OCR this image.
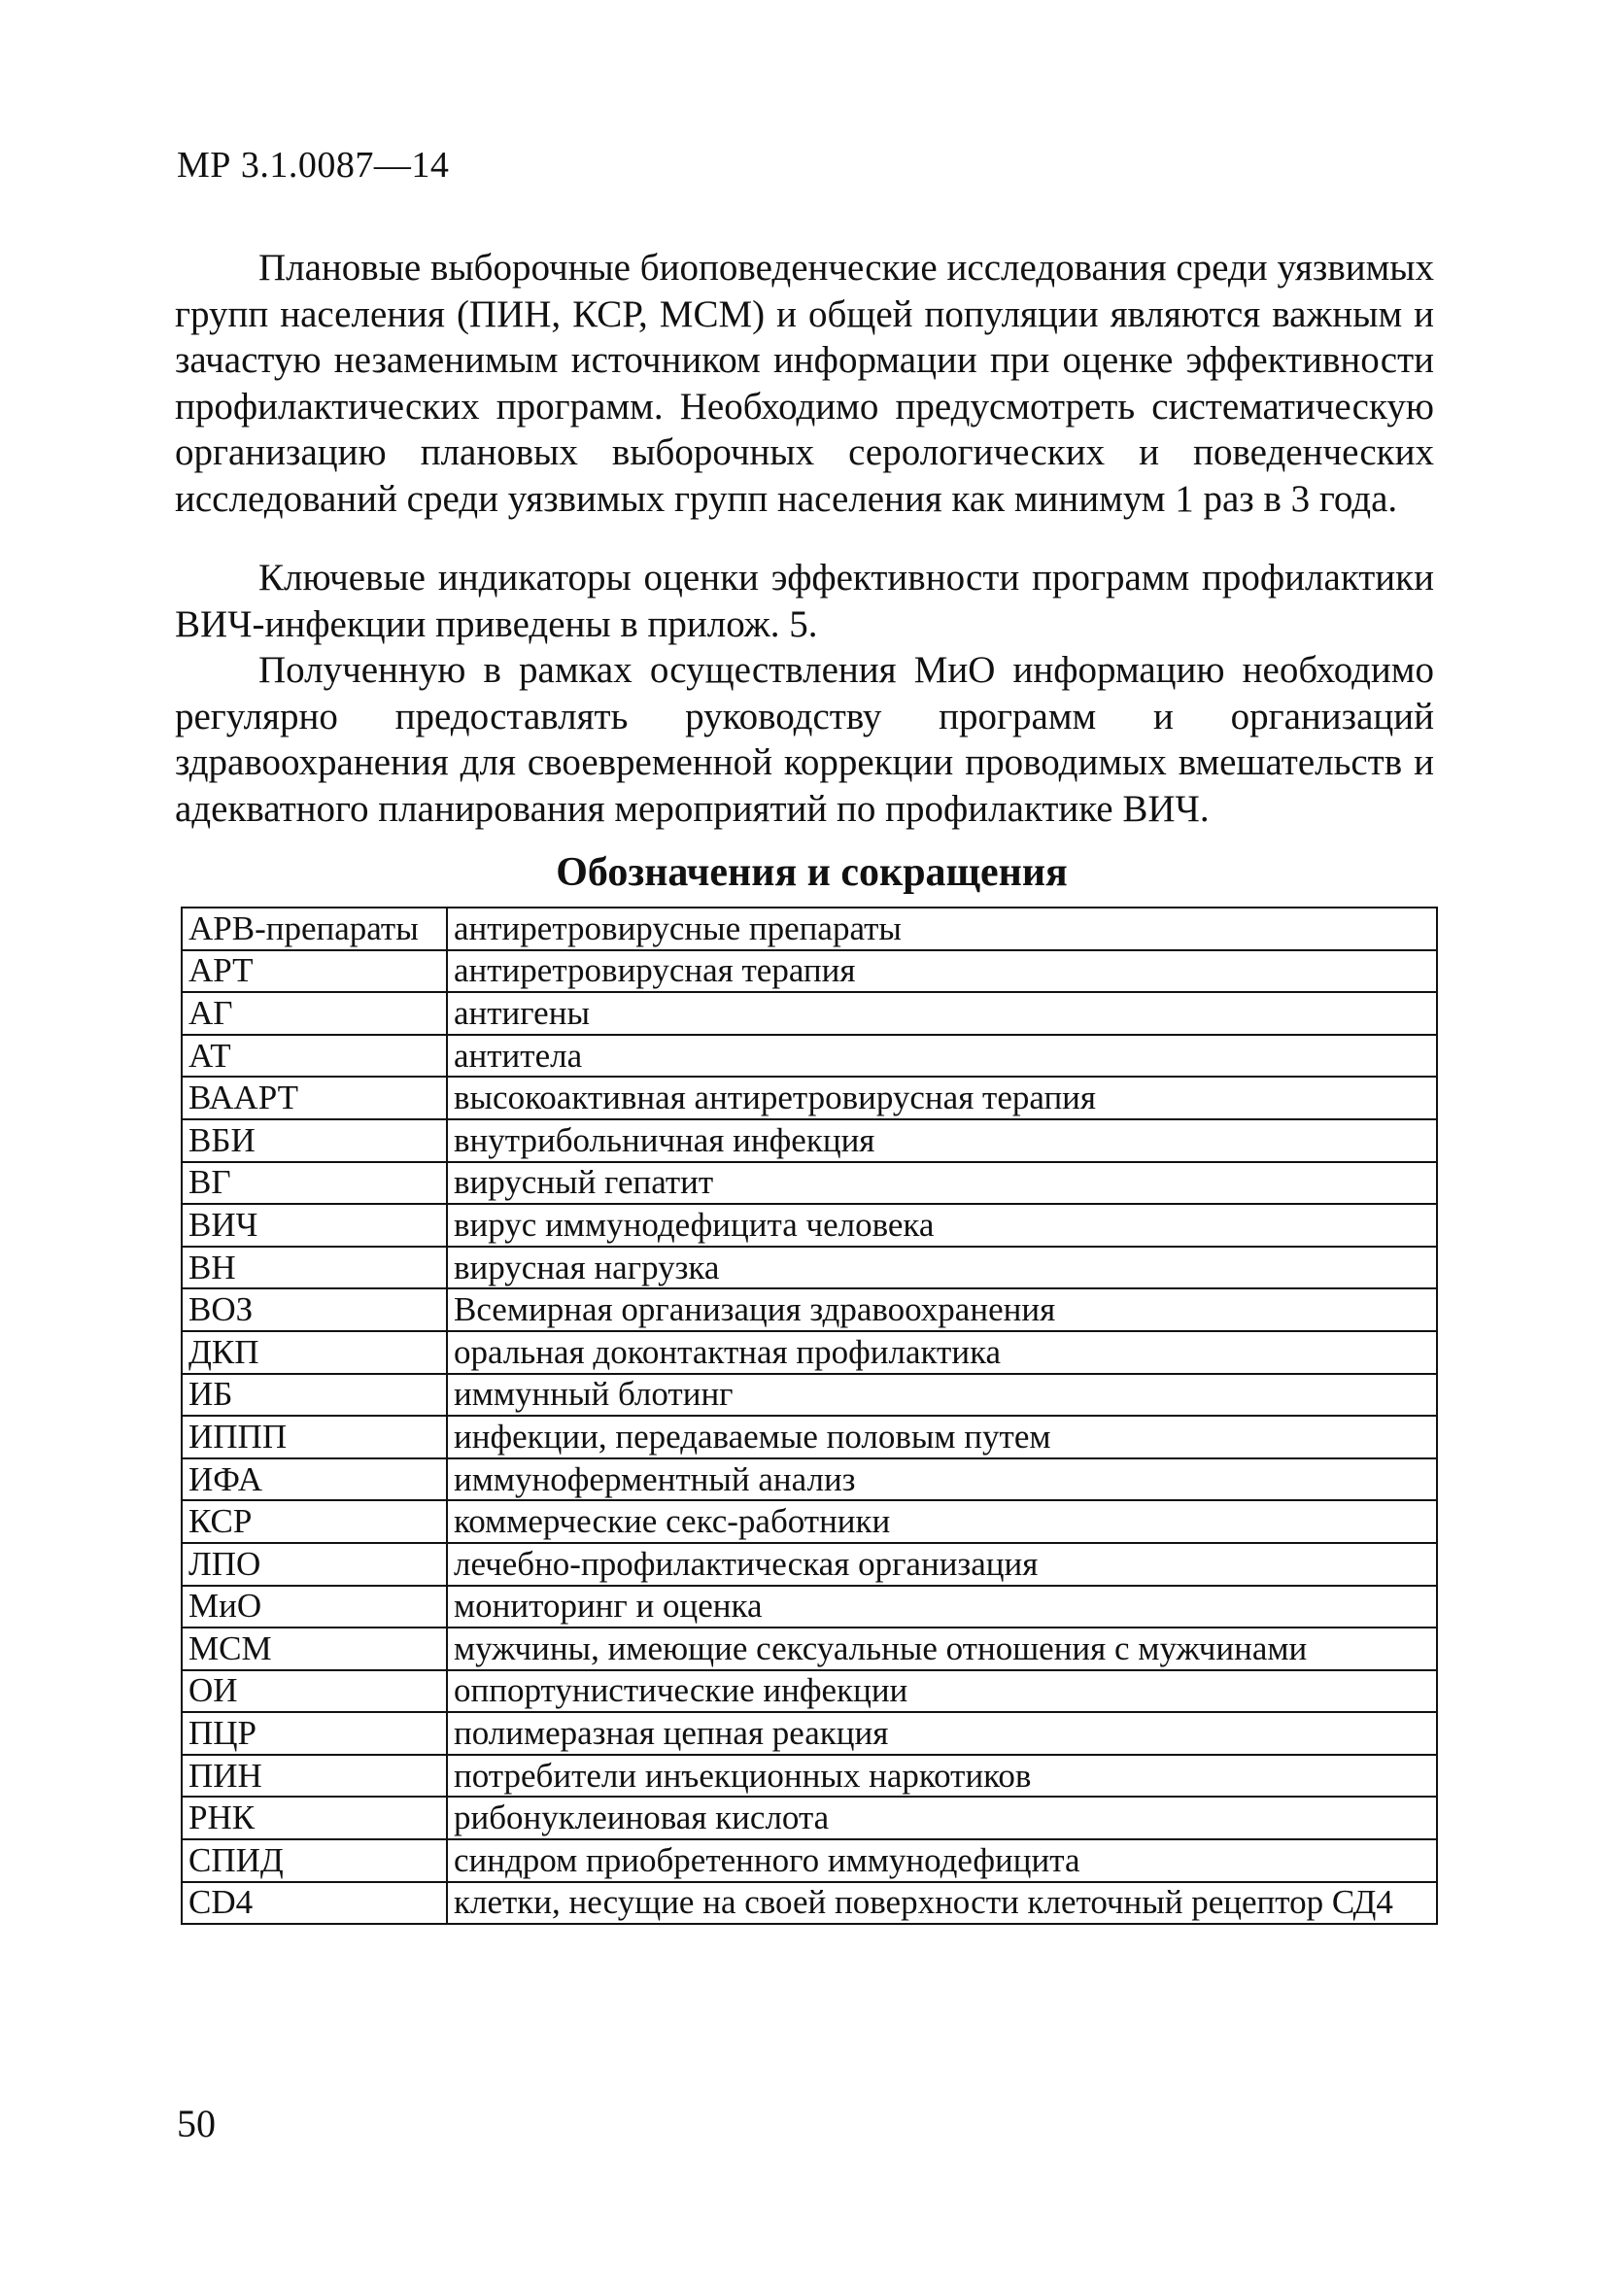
МР 3.1.0087—14

Плановые выборочные биоповеденческие исследования среди уязвимых групп населения (ПИН, КСР, МСМ) и общей популяции являются важным и зачастую незаменимым источником информации при оценке эффективности профилактических программ. Необходимо предусмотреть систематическую организацию плановых выборочных серологических и поведенческих исследований среди уязвимых групп населения как минимум 1 раз в 3 года.

Ключевые индикаторы оценки эффективности программ профилактики ВИЧ-инфекции приведены в прилож. 5.

Полученную в рамках осуществления МиО информацию необходимо регулярно предоставлять руководству программ и организаций здравоохранения для своевременной коррекции проводимых вмешательств и адекватного планирования мероприятий по профилактике ВИЧ.

Обозначения и сокращения
АРВ-препараты	антиретровирусные препараты
АРТ	антиретровирусная терапия
АГ	антигены
АТ	антитела
ВААРТ	высокоактивная антиретровирусная терапия
ВБИ	внутрибольничная инфекция
ВГ	вирусный гепатит
ВИЧ	вирус иммунодефицита человека
ВН	вирусная нагрузка
ВОЗ	Всемирная организация здравоохранения
ДКП	оральная доконтактная профилактика
ИБ	иммунный блотинг
ИППП	инфекции, передаваемые половым путем
ИФА	иммуноферментный анализ
КСР	коммерческие секс-работники
ЛПО	лечебно-профилактическая организация
МиО	мониторинг и оценка
МСМ	мужчины, имеющие сексуальные отношения с мужчинами
ОИ	оппортунистические инфекции
ПЦР	полимеразная цепная реакция
ПИН	потребители инъекционных наркотиков
РНК	рибонуклеиновая кислота
СПИД	синдром приобретенного иммунодефицита
CD4	клетки, несущие на своей поверхности клеточный рецептор СД4
50
